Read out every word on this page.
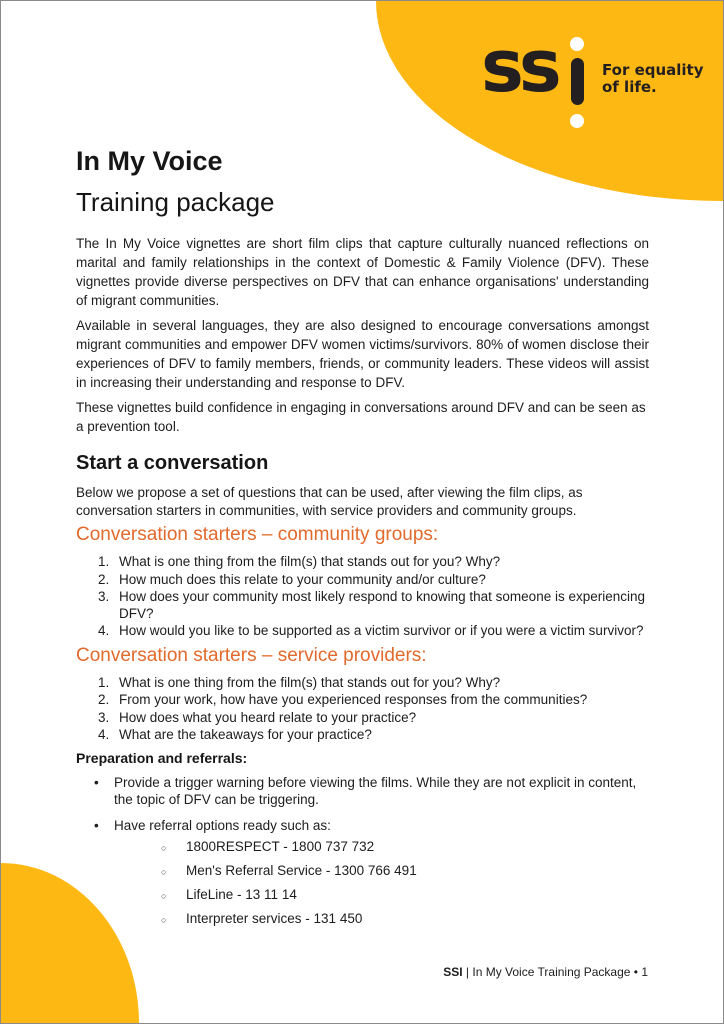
ss	For equality
of life.
In My Voice
Training package

The In My Voice vignettes are short film clips that capture culturally nuanced reflections on marital and family relationships in the context of Domestic & Family Violence (DFV). These vignettes provide diverse perspectives on DFV that can enhance organisations' understanding of migrant communities.

Available in several languages, they are also designed to encourage conversations amongst migrant communities and empower DFV women victims/survivors. 80% of women disclose their experiences of DFV to family members, friends, or community leaders. These videos will assist in increasing their understanding and response to DFV.

These vignettes build confidence in engaging in conversations around DFV and can be seen as a prevention tool.

Start a conversation

Below we propose a set of questions that can be used, after viewing the film clips, as conversation starters in communities, with service providers and community groups.

Conversation starters – community groups:
1. What is one thing from the film(s) that stands out for you? Why?
2. How much does this relate to your community and/or culture?
3. How does your community most likely respond to knowing that someone is experiencing DFV?
4. How would you like to be supported as a victim survivor or if you were a victim survivor?
Conversation starters – service providers:
1. What is one thing from the film(s) that stands out for you? Why?
2. From your work, how have you experienced responses from the communities?
3. How does what you heard relate to your practice?
4. What are the takeaways for your practice?
Preparation and referrals:
•	Provide a trigger warning before viewing the films. While they are not explicit in content, the topic of DFV can be triggering.
•	Have referral options ready such as:
○	1800RESPECT - 1800 737 732
○	Men's Referral Service - 1300 766 491
○	LifeLine - 13 11 14
○	Interpreter services - 131 450
SSI | In My Voice Training Package • 1
